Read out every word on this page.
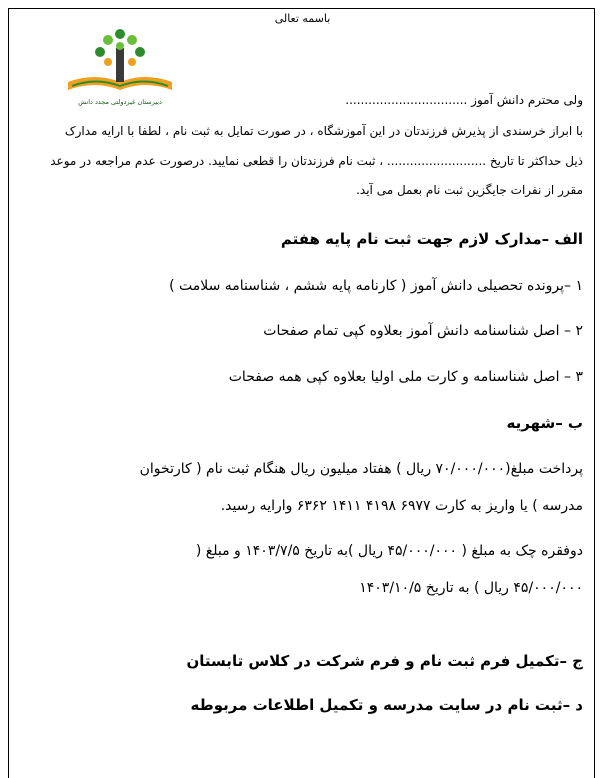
باسمه تعالی
دبیرستان غیردولتی مجدد دانش	ولی محترم دانش آموز ................................
با ابراز خرسندی از پذیرش فرزندتان در این آموزشگاه ، در صورت تمایل به ثبت نام ، لطفا با ارایه مدارک
ذیل حداکثر تا تاریخ .......................... ، ثبت نام فرزندتان را قطعی نمایید. درصورت عدم مراجعه در موعد
مقرر از نفرات جایگزین ثبت نام بعمل می آید.
الف –مدارک لازم جهت ثبت نام پایه هفتم
۱ –پرونده تحصیلی دانش آموز ( کارنامه پایه ششم ، شناسنامه سلامت )
۲ – اصل شناسنامه دانش آموز بعلاوه کپی تمام صفحات
۳ – اصل شناسنامه و کارت ملی اولیا بعلاوه کپی همه صفحات
ب –شهریه
پرداخت مبلغ(۷۰/۰۰۰/۰۰۰ ریال ) هفتاد میلیون ریال هنگام ثبت نام ( کارتخوان
مدرسه ) یا واریز به کارت ۶۹۷۷ ۴۱۹۸ ۱۴۱۱ ۶۳۶۲ وارایه رسید.
دوفقره چک به مبلغ ( ۴۵/۰۰۰/۰۰۰ ریال )به تاریخ ۱۴۰۳/۷/۵ و مبلغ (
۴۵/۰۰۰/۰۰۰ ریال ) به تاریخ ۱۴۰۳/۱۰/۵
ج –تکمیل فرم ثبت نام و فرم شرکت در کلاس تابستان
د –ثبت نام در سایت مدرسه و تکمیل اطلاعات مربوطه
